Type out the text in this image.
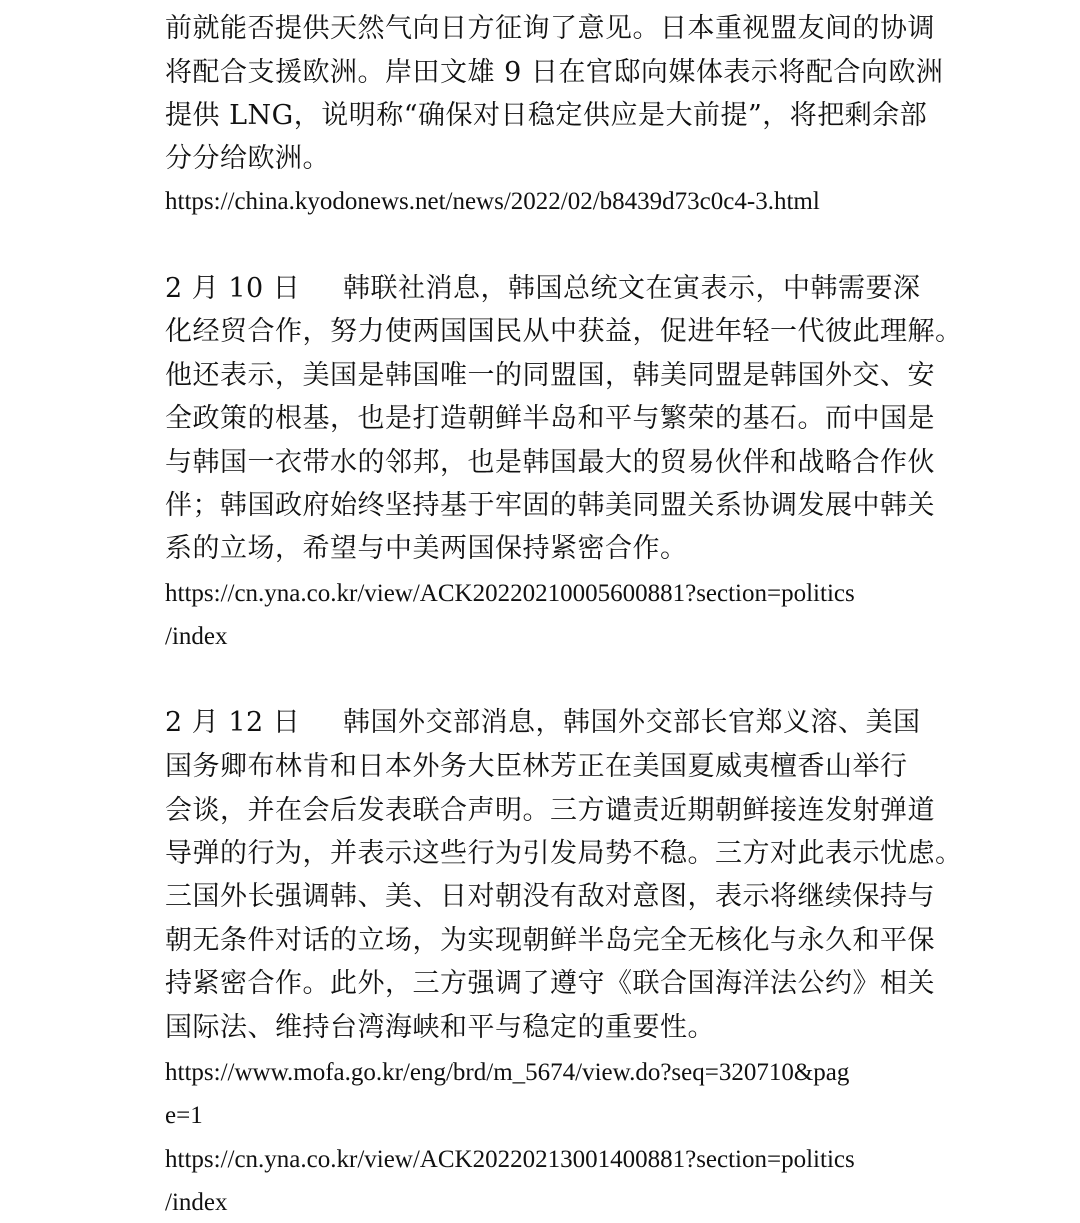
前就能否提供天然气向日方征询了意见。日本重视盟友间的协调
将配合支援欧洲。岸田文雄 9 日在官邸向媒体表示将配合向欧洲
提供 LNG，说明称“确保对日稳定供应是大前提”，将把剩余部
分分给欧洲。
https://china.kyodonews.net/news/2022/02/b8439d73c0c4-3.html
2 月 10 日 韩联社消息，韩国总统文在寅表示，中韩需要深
化经贸合作，努力使两国国民从中获益，促进年轻一代彼此理解。
他还表示，美国是韩国唯一的同盟国，韩美同盟是韩国外交、安
全政策的根基，也是打造朝鲜半岛和平与繁荣的基石。而中国是
与韩国一衣带水的邻邦，也是韩国最大的贸易伙伴和战略合作伙
伴；韩国政府始终坚持基于牢固的韩美同盟关系协调发展中韩关
系的立场，希望与中美两国保持紧密合作。
https://cn.yna.co.kr/view/ACK20220210005600881?section=politics
/index
2 月 12 日 韩国外交部消息，韩国外交部长官郑义溶、美国
国务卿布林肯和日本外务大臣林芳正在美国夏威夷檀香山举行
会谈，并在会后发表联合声明。三方谴责近期朝鲜接连发射弹道
导弹的行为，并表示这些行为引发局势不稳。三方对此表示忧虑。
三国外长强调韩、美、日对朝没有敌对意图，表示将继续保持与
朝无条件对话的立场，为实现朝鲜半岛完全无核化与永久和平保
持紧密合作。此外，三方强调了遵守《联合国海洋法公约》相关
国际法、维持台湾海峡和平与稳定的重要性。
https://www.mofa.go.kr/eng/brd/m_5674/view.do?seq=320710&pag
e=1
https://cn.yna.co.kr/view/ACK20220213001400881?section=politics
/index
